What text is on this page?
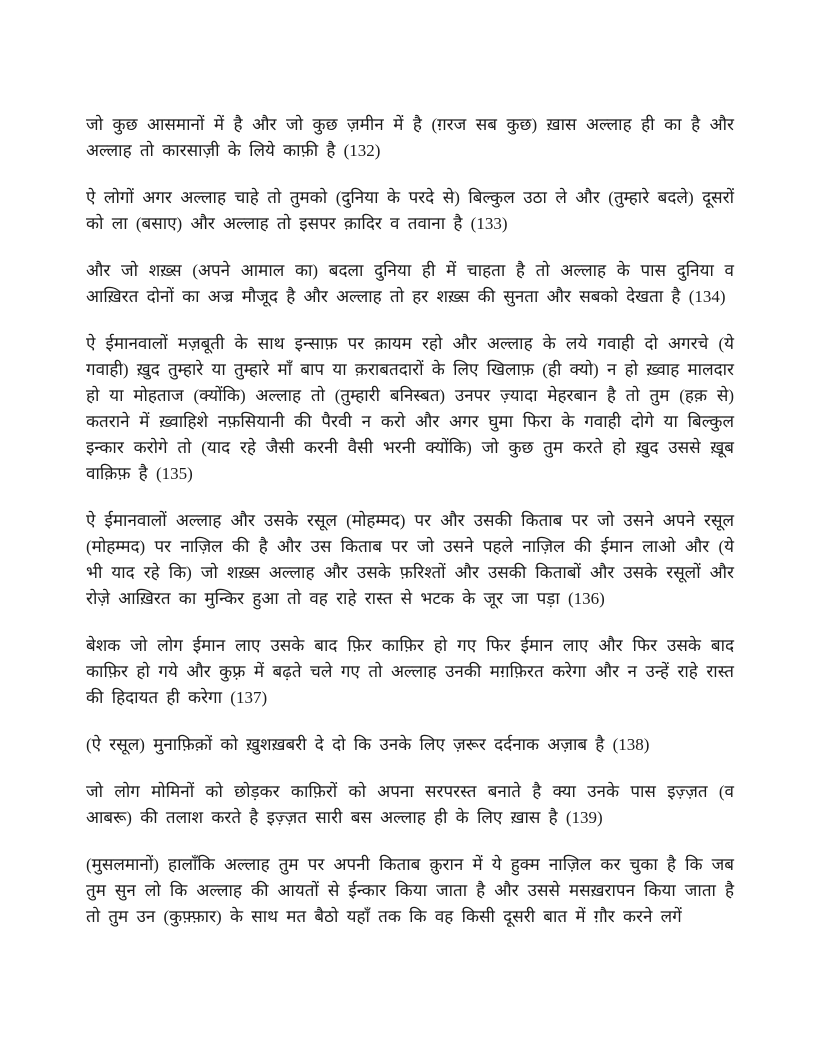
जो कुछ आसमानों में है और जो कुछ ज़मीन में है (ग़रज सब कुछ) ख़ास अल्लाह ही का है और अल्लाह तो कारसाज़ी के लिये काफ़ी है (132)

ऐ लोगों अगर अल्लाह चाहे तो तुमको (दुनिया के परदे से) बिल्कुल उठा ले और (तुम्हारे बदले) दूसरों को ला (बसाए) और अल्लाह तो इसपर क़ादिर व तवाना है (133)

और जो शख़्स (अपने आमाल का) बदला दुनिया ही में चाहता है तो अल्लाह के पास दुनिया व आख़िरत दोनों का अज्र मौजूद है और अल्लाह तो हर शख़्स की सुनता और सबको देखता है (134)

ऐ ईमानवालों मज़बूती के साथ इन्साफ़ पर क़ायम रहो और अल्लाह के लये गवाही दो अगरचे (ये गवाही) ख़ुद तुम्हारे या तुम्हारे माँ बाप या क़राबतदारों के लिए खिलाफ़ (ही क्यो) न हो ख़्वाह मालदार हो या मोहताज (क्योंकि) अल्लाह तो (तुम्हारी बनिस्बत) उनपर ज़्यादा मेहरबान है तो तुम (हक़ से) कतराने में ख़्वाहिशे नफ़सियानी की पैरवी न करो और अगर घुमा फिरा के गवाही दोगे या बिल्कुल इन्कार करोगे तो (याद रहे जैसी करनी वैसी भरनी क्योंकि) जो कुछ तुम करते हो ख़ुद उससे ख़ूब वाक़िफ़ है (135)

ऐ ईमानवालों अल्लाह और उसके रसूल (मोहम्मद) पर और उसकी किताब पर जो उसने अपने रसूल (मोहम्मद) पर नाज़िल की है और उस किताब पर जो उसने पहले नाज़िल की ईमान लाओ और (ये भी याद रहे कि) जो शख़्स अल्लाह और उसके फ़रिश्तों और उसकी किताबों और उसके रसूलों और रोज़े आख़िरत का मुन्किर हुआ तो वह राहे रास्त से भटक के जूर जा पड़ा (136)

बेशक जो लोग ईमान लाए उसके बाद फ़िर काफ़िर हो गए फिर ईमान लाए और फिर उसके बाद काफ़िर हो गये और कुफ़्र में बढ़ते चले गए तो अल्लाह उनकी मग़फ़िरत करेगा और न उन्हें राहे रास्त की हिदायत ही करेगा (137)

(ऐ रसूल) मुनाफ़िक़ों को ख़ुशख़बरी दे दो कि उनके लिए ज़रूर दर्दनाक अज़ाब है (138)

जो लोग मोमिनों को छोड़कर काफ़िरों को अपना सरपरस्त बनाते है क्या उनके पास इज़्ज़त (व आबरू) की तलाश करते है इज़्ज़त सारी बस अल्लाह ही के लिए ख़ास है (139)

(मुसलमानों) हालाँकि अल्लाह तुम पर अपनी किताब क़ुरान में ये हुक्म नाज़िल कर चुका है कि जब तुम सुन लो कि अल्लाह की आयतों से ईन्कार किया जाता है और उससे मसख़रापन किया जाता है तो तुम उन (कुफ़्फ़ार) के साथ मत बैठो यहाँ तक कि वह किसी दूसरी बात में ग़ौर करने लगें
